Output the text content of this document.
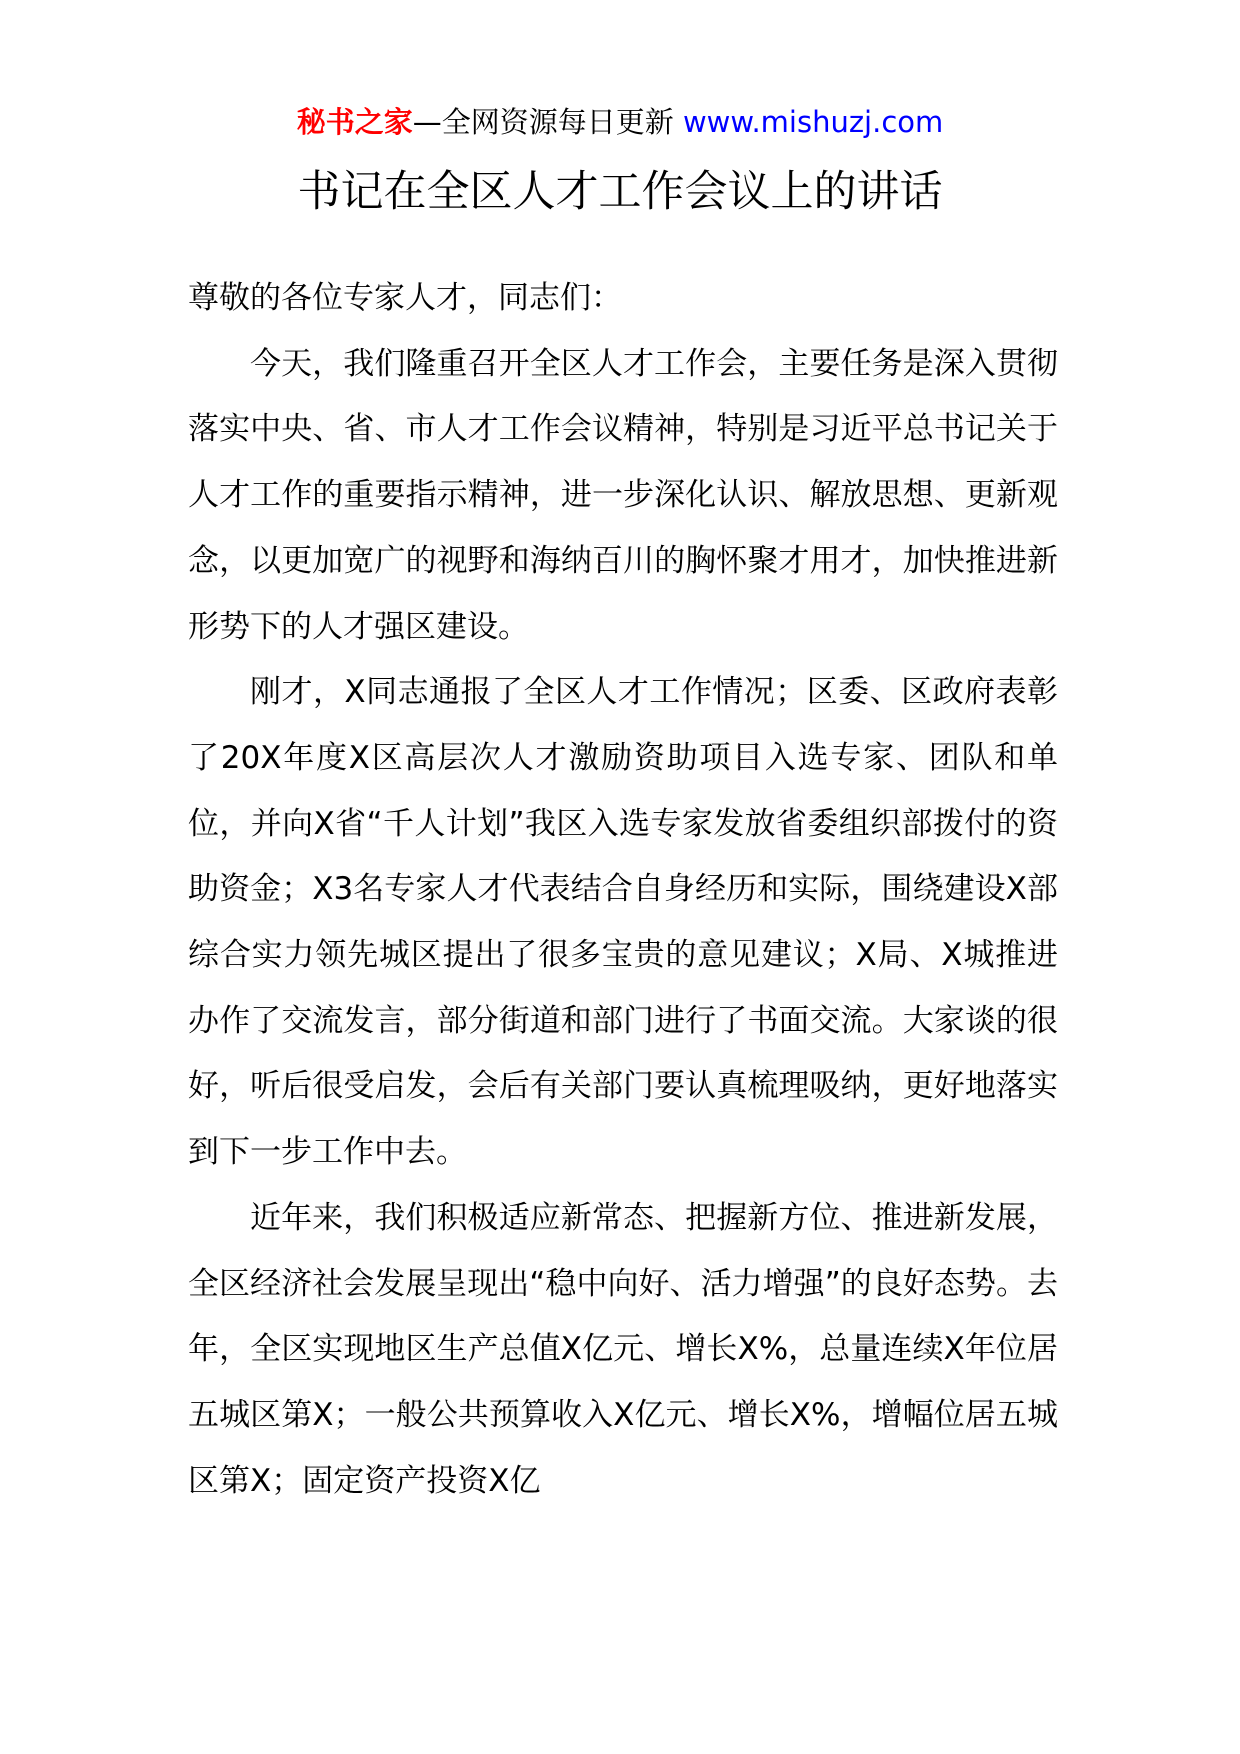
秘书之家—全网资源每日更新 www.mishuzj.com
书记在全区人才工作会议上的讲话

尊敬的各位专家人才，同志们：

今天，我们隆重召开全区人才工作会，主要任务是深入贯彻落实中央、省、市人才工作会议精神，特别是习近平总书记关于人才工作的重要指示精神，进一步深化认识、解放思想、更新观念，以更加宽广的视野和海纳百川的胸怀聚才用才，加快推进新形势下的人才强区建设。

刚才，X同志通报了全区人才工作情况；区委、区政府表彰了20X年度X区高层次人才激励资助项目入选专家、团队和单位，并向X省“千人计划”我区入选专家发放省委组织部拨付的资助资金；X3名专家人才代表结合自身经历和实际，围绕建设X部综合实力领先城区提出了很多宝贵的意见建议；X局、X城推进办作了交流发言，部分街道和部门进行了书面交流。大家谈的很好，听后很受启发，会后有关部门要认真梳理吸纳，更好地落实到下一步工作中去。

近年来，我们积极适应新常态、把握新方位、推进新发展，全区经济社会发展呈现出“稳中向好、活力增强”的良好态势。去年，全区实现地区生产总值X亿元、增长X%，总量连续X年位居五城区第X；一般公共预算收入X亿元、增长X%，增幅位居五城区第X；固定资产投资X亿
